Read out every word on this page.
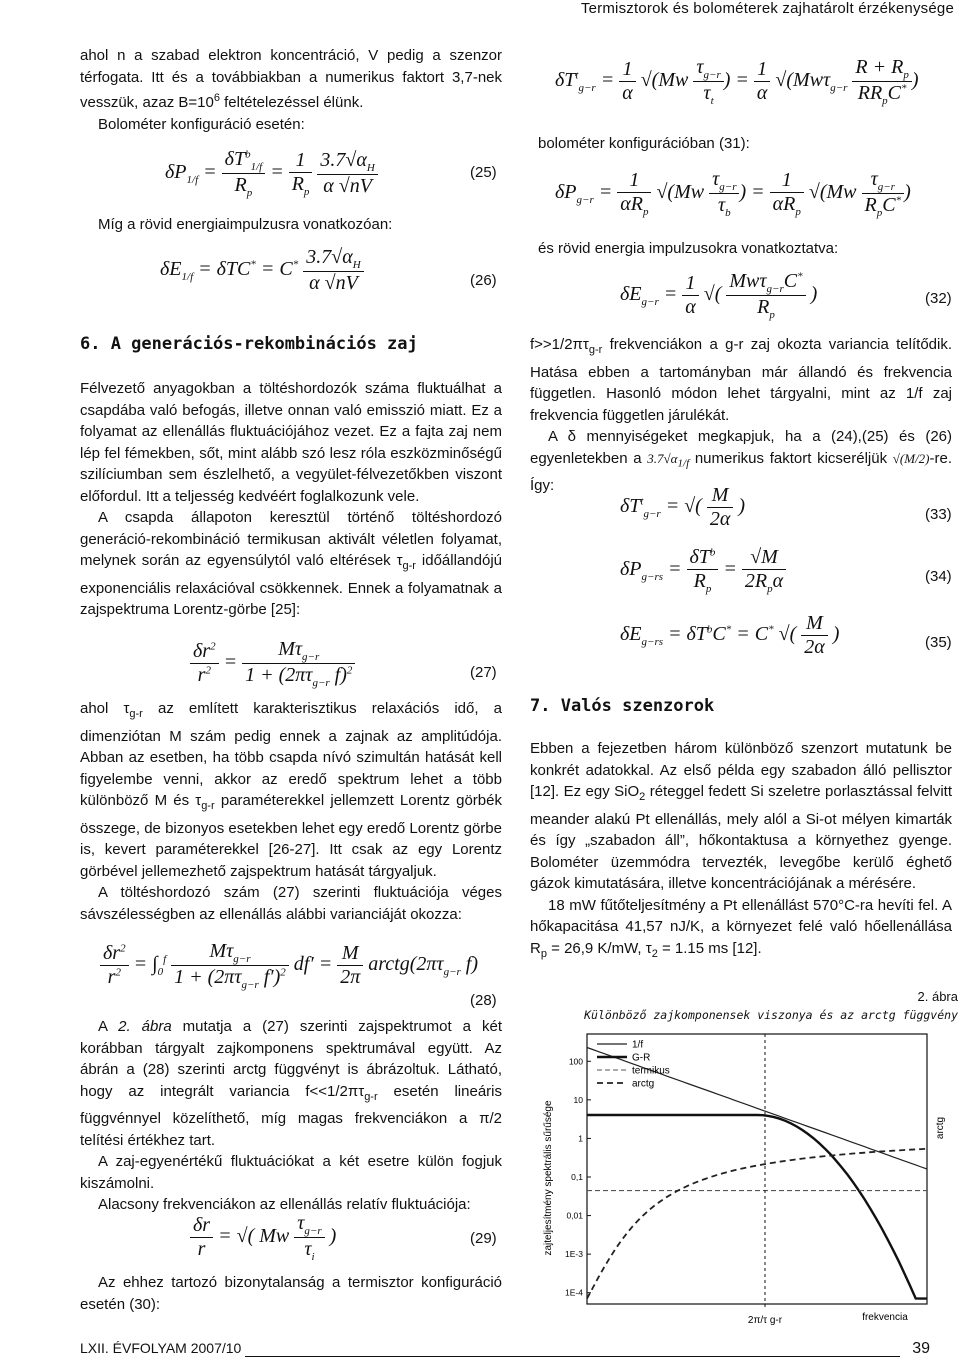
Termisztorok és bolométerek zajhatárolt érzékenysége

ahol n a szabad elektron koncentráció, V pedig a szenzor térfogata. Itt és a továbbiakban a numerikus faktort 3,7-nek vesszük, azaz $B=10^6$ feltételezéssel élünk.

Bolométer konfiguráció esetén:

$\delta P_{1/f} = \frac{\delta T^b_{1/f}}{R_p} = \frac{1}{R_p}$
$\frac{3.7√\alpha_H}{\alpha √nV}$	(25)

Míg a rövid energiaimpulzusra vonatkozóan:

$\delta E_{1/f} = \delta TC^* = C^* \frac{3.7√\alpha_H}{\alpha √nV}$	(26)

6. A generációs-rekombinációs zaj

Félvezető anyagokban a töltéshordozók száma fluktuálhat a csapdába való befogás, illetve onnan való emisszió miatt. Ez a folyamat az ellenállás fluktuációjához vezet. Ez a fajta zaj nem lép fel fémekben, sőt, mint alább szó lesz róla eszközminőségű szilíciumban sem észlelhető, a vegyület-félvezetőkben viszont előfordul. Itt a teljesség kedvéért foglalkozunk vele.

A csapda állapoton keresztül történő töltéshordozó generáció-rekombináció termikusan aktivált véletlen folyamat, melynek során az egyensúlytól való eltérések $\tau_{g-r}$ időállandójú exponenciális relaxációval csökkennek. Ennek a folyamatnak a zajspektruma Lorentz-görbe [25]:

$\frac{\delta r^2}{r^2} = \frac{M\tau_{g-r}}{1 + (2\pi\tau_{g-r} f)^2}$	(27)

ahol $\tau_{g-r}$ az említett karakterisztikus relaxációs idő, a dimenziótan M szám pedig ennek a zajnak az amplitúdója. Abban az esetben, ha több csapda nívó szimultán hatását kell figyelembe venni, akkor az eredő spektrum lehet a több különböző M és $\tau_{g-r}$ paraméterekkel jellemzett Lorentz görbék összege, de bizonyos esetekben lehet egy eredő Lorentz görbe is, kevert paraméterekkel [26-27]. Itt csak az egy Lorentz görbével jellemezhető zajspektrum hatását tárgyaljuk.

A töltéshordozó szám (27) szerinti fluktuációja véges sávszélességben az ellenállás alábbi varianciáját okozza:

$\frac{\delta r^2}{r^2} = \int_0^f \frac{M\tau_{g-r}}{1 + (2\pi\tau_{g-r} f')^2} df' = \frac{M}{2\pi}$ $arctg(2\pi\tau_{g-r}$ f)
(28)

A 2. ábra mutatja a (27) szerinti zajspektrumot a két korábban tárgyalt zajkomponens spektrumával együtt. Az ábrán a (28) szerinti arctg függvényt is ábrázoltuk. Látható, hogy az integrált variancia $f<<1/2\pi\tau_{g-r}$ esetén lineáris függvénnyel közelíthető, míg magas frekvenciákon a π/2 telítési értékhez tart.

A zaj-egyenértékű fluktuációkat a két esetre külön fogjuk kiszámolni.

Alacsony frekvenciákon az ellenállás relatív fluktuációja:

$\frac{\delta r}{r}$ = √( Mw $\frac{\tau_{g-r}}{\tau_i}$ )	(29)

Az ehhez tartozó bizonytalanság a termisztor konfiguráció esetén (30):

$\delta T^t_{g-r} = \frac{1}{\alpha} √(Mw \frac{\tau_{g-r}}{\tau_t}$ ) = $\frac{1}{\alpha} √(Mw\tau_{g-r} \frac{R + R_p}{RR_pC^*}$ )

bolométer konfigurációban (31):

$\delta P_{g-r} = \frac{1}{\alpha R_p} √(Mw \frac{\tau_{g-r}}{\tau_b}$ ) = $\frac{1}{\alpha R_p} √(Mw \frac{\tau_{g-r}}{R_pC^*}$ )

és rövid energia impulzusokra vonatkoztatva:

$\delta E_{g-r} = \frac{1}{\alpha}$ √( $\frac{Mw\tau_{g-r}C^*}{R_p}$ )	(32)

$f>>1/2\pi\tau_{g-r}$ frekvenciákon a g-r zaj okozta variancia telítődik. Hatása ebben a tartományban már állandó és frekvencia független. Hasonló módon lehet tárgyalni, mint az 1/f zaj frekvencia független járulékát.

A δ mennyiségeket megkapjuk, ha a (24),(25) és (26) egyenletekben a $3.7√\alpha_{1/f}$ numerikus faktort kicseréljük √(M/2)-re. Így:

$\delta T^t_{g-r}$ = √( $\frac{M}{2\alpha}$ )	(33)
$\delta P_{g-rs} = \frac{\delta T^b}{R_p} = \frac{√M}{2R_p\alpha}$	(34)
$\delta E_{g-rs} = \delta T^bC^* = C^*$ √( $\frac{M}{2\alpha}$ )	(35)

7. Valós szenzorok

Ebben a fejezetben három különböző szenzort mutatunk be konkrét adatokkal. Az első példa egy szabadon álló pellisztor [12]. Ez egy SiO$_2$ réteggel fedett Si szeletre porlasztással felvitt meander alakú Pt ellenállás, mely alól a Si-ot mélyen kimarták és így „szabadon áll”, hőkontaktusa a környethez gyenge. Bolométer üzemmódra tervezték, levegőbe kerülő éghető gázok kimutatására, illetve koncentrációjának a mérésére.

18 mW fűtőteljesítmény a Pt ellenállást 570°C-ra hevíti fel. A hőkapacitása 41,57 nJ/K, a környezet felé való hőellenállása $R_p = 26,9$ K/mW, $\tau_2 = 1.15$ ms [12].

2. ábra
Különböző zajkomponensek viszonya és az arctg függvény
1E-4
1E-3
0,01
0,1
1
10
100
1/f
G-R
termikus
arctg
zajteljesítmény spektrális sűrűsége	arctg
2π/τ g-r	frekvencia
LXII. ÉVFOLYAM 2007/10	39
